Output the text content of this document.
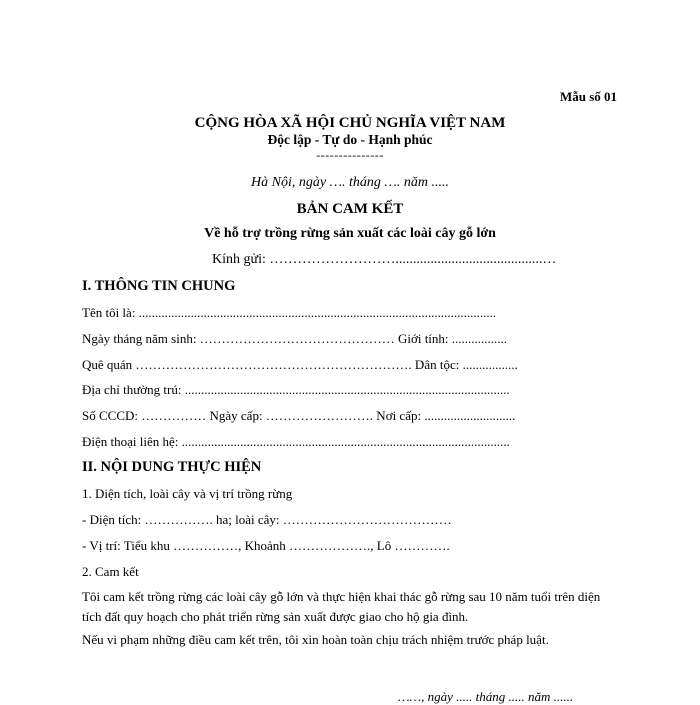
Mẫu số 01
CỘNG HÒA XÃ HỘI CHỦ NGHĨA VIỆT NAM
Độc lập - Tự do - Hạnh phúc
---------------
Hà Nội, ngày …. tháng …. năm .....
BẢN CAM KẾT
Về hỗ trợ trồng rừng sản xuất các loài cây gỗ lớn
Kính gửi: ………………………..........................................…
I. THÔNG TIN CHUNG
Tên tôi là: ..............................................................................................................
Ngày tháng năm sinh: ……………………………………… Giới tính: .................
Quê quán ………………………………………………………. Dân tộc: .................
Địa chỉ thường trú: ....................................................................................................
Số CCCD: …………… Ngày cấp: ……………………. Nơi cấp: ............................
Điện thoại liên hệ: .....................................................................................................
II. NỘI DUNG THỰC HIỆN
1. Diện tích, loài cây và vị trí trồng rừng
- Diện tích: ……………. ha; loài cây: …………………………………
- Vị trí: Tiểu khu ……………, Khoảnh ………………., Lô ………….
2. Cam kết
Tôi cam kết trồng rừng các loài cây gỗ lớn và thực hiện khai thác gỗ rừng sau 10 năm tuổi trên diện tích đất quy hoạch cho phát triển rừng sản xuất được giao cho hộ gia đình.
Nếu vi phạm những điều cam kết trên, tôi xin hoàn toàn chịu trách nhiệm trước pháp luật.
……, ngày ..... tháng ..... năm ......
